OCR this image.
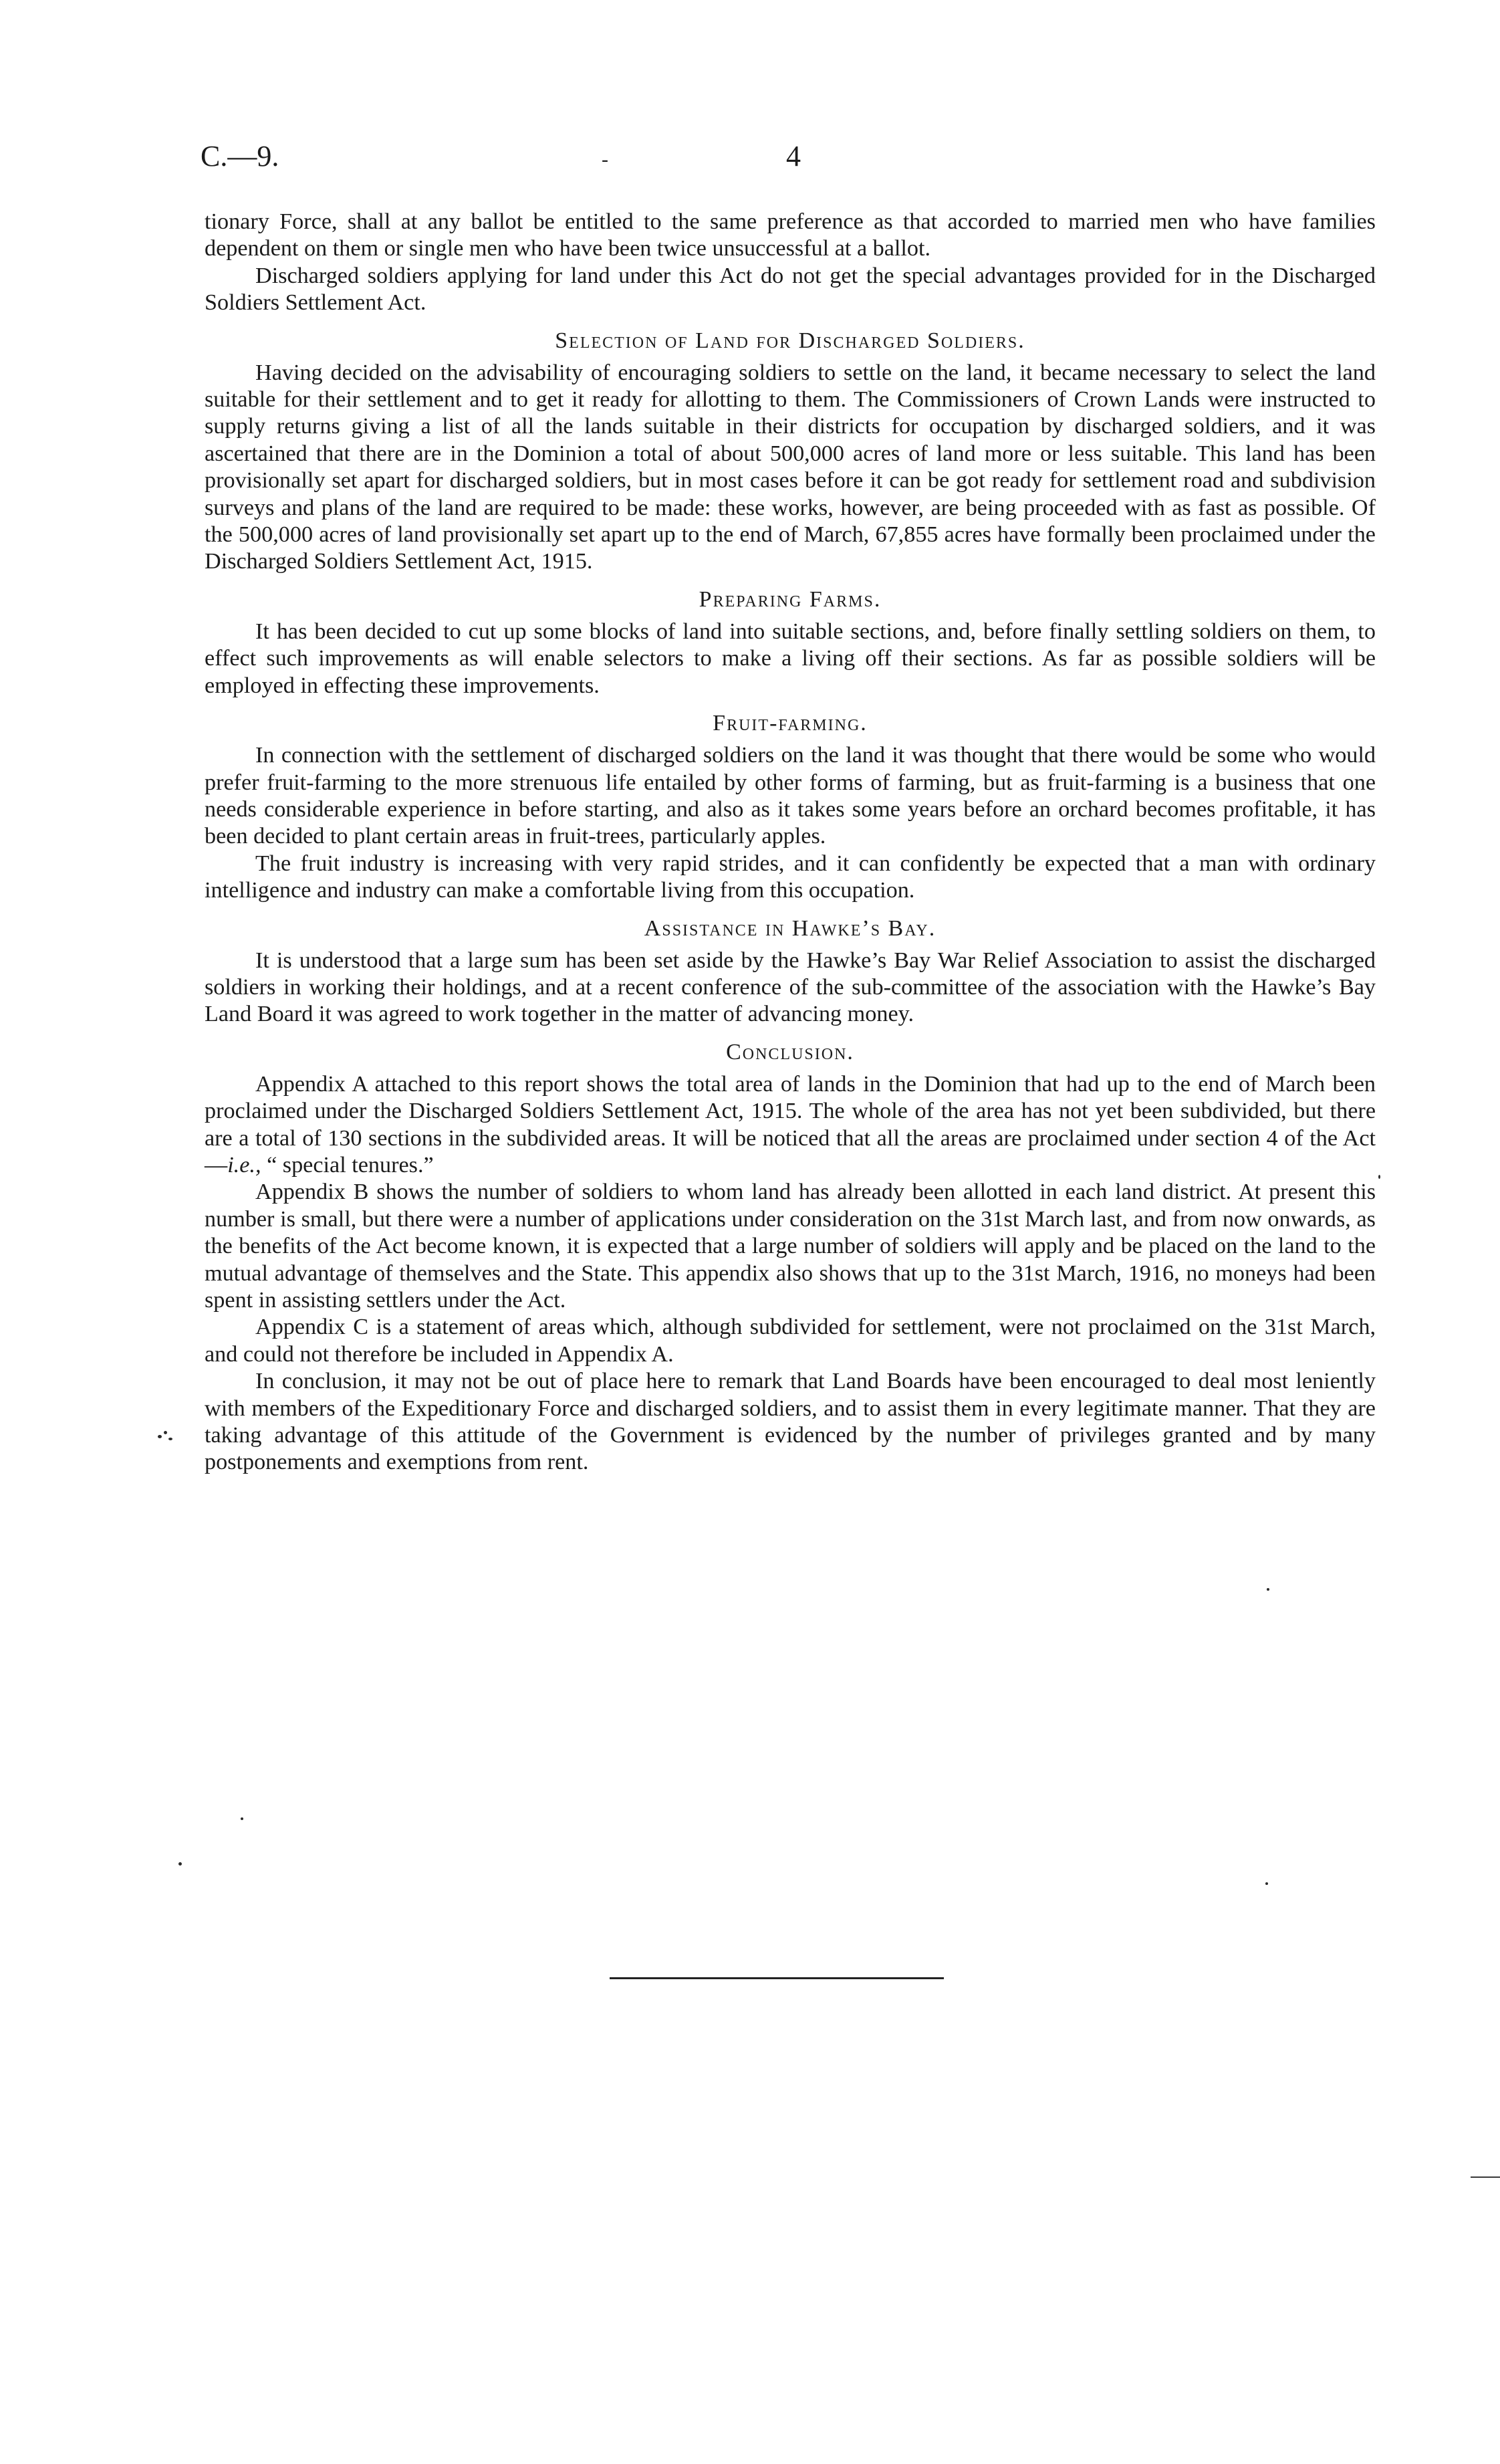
C.—9.	-	4

tionary Force, shall at any ballot be entitled to the same preference as that accorded to married men who have families dependent on them or single men who have been twice unsuccessful at a ballot.

Discharged soldiers applying for land under this Act do not get the special advantages provided for in the Discharged Soldiers Settlement Act.

Selection of Land for Discharged Soldiers.

Having decided on the advisability of encouraging soldiers to settle on the land, it became necessary to select the land suitable for their settlement and to get it ready for allotting to them. The Commissioners of Crown Lands were instructed to supply returns giving a list of all the lands suitable in their districts for occupation by discharged soldiers, and it was ascertained that there are in the Dominion a total of about 500,000 acres of land more or less suitable. This land has been provisionally set apart for discharged soldiers, but in most cases before it can be got ready for settlement road and subdivision surveys and plans of the land are required to be made: these works, however, are being proceeded with as fast as possible. Of the 500,000 acres of land provisionally set apart up to the end of March, 67,855 acres have formally been proclaimed under the Discharged Soldiers Settlement Act, 1915.

Preparing Farms.

It has been decided to cut up some blocks of land into suitable sections, and, before finally settling soldiers on them, to effect such improvements as will enable selectors to make a living off their sections. As far as possible soldiers will be employed in effecting these improvements.

Fruit-farming.

In connection with the settlement of discharged soldiers on the land it was thought that there would be some who would prefer fruit-farming to the more strenuous life entailed by other forms of farming, but as fruit-farming is a business that one needs considerable experience in before starting, and also as it takes some years before an orchard becomes profitable, it has been decided to plant certain areas in fruit-trees, particularly apples.

The fruit industry is increasing with very rapid strides, and it can confidently be expected that a man with ordinary intelligence and industry can make a comfortable living from this occupation.

Assistance in Hawke’s Bay.

It is understood that a large sum has been set aside by the Hawke’s Bay War Relief Association to assist the discharged soldiers in working their holdings, and at a recent conference of the sub-committee of the association with the Hawke’s Bay Land Board it was agreed to work together in the matter of advancing money.

Conclusion.

Appendix A attached to this report shows the total area of lands in the Dominion that had up to the end of March been proclaimed under the Discharged Soldiers Settlement Act, 1915. The whole of the area has not yet been subdivided, but there are a total of 130 sections in the subdivided areas. It will be noticed that all the areas are proclaimed under section 4 of the Act—i.e., “ special tenures.”

Appendix B shows the number of soldiers to whom land has already been allotted in each land district. At present this number is small, but there were a number of applications under consideration on the 31st March last, and from now onwards, as the benefits of the Act become known, it is expected that a large number of soldiers will apply and be placed on the land to the mutual advantage of themselves and the State. This appendix also shows that up to the 31st March, 1916, no moneys had been spent in assisting settlers under the Act.

Appendix C is a statement of areas which, although subdivided for settlement, were not proclaimed on the 31st March, and could not therefore be included in Appendix A.

In conclusion, it may not be out of place here to remark that Land Boards have been encouraged to deal most leniently with members of the Expeditionary Force and discharged soldiers, and to assist them in every legitimate manner. That they are taking advantage of this attitude of the Government is evidenced by the number of privileges granted and by many postponements and exemptions from rent.
